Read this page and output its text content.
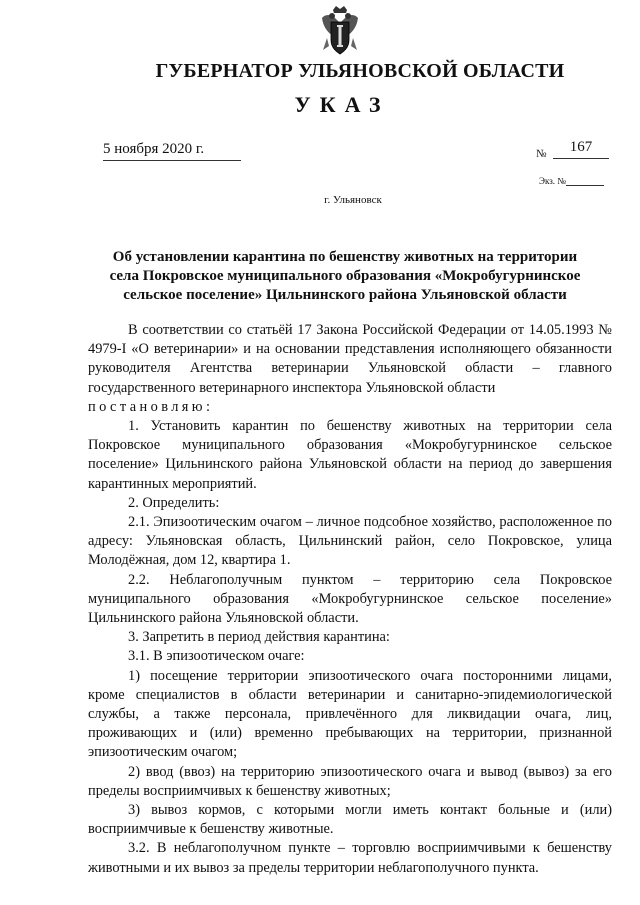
ГУБЕРНАТОР УЛЬЯНОВСКОЙ ОБЛАСТИ
УКАЗ
5 ноября 2020 г.	№	167
Экз. №
г. Ульяновск
Об установлении карантина по бешенству животных на территории
села Покровское муниципального образования «Мокробугурнинское
сельское поселение» Цильнинского района Ульяновской области

В соответствии со статьёй 17 Закона Российской Федерации от 14.05.1993 № 4979-I «О ветеринарии» и на основании представления исполняющего обязанности руководителя Агентства ветеринарии Ульяновской области – главного государственного ветеринарного инспектора Ульяновской области

постановляю:

1. Установить карантин по бешенству животных на территории села Покровское муниципального образования «Мокробугурнинское сельское поселение» Цильнинского района Ульяновской области на период до завершения карантинных мероприятий.

2. Определить:

2.1. Эпизоотическим очагом – личное подсобное хозяйство, расположенное по адресу: Ульяновская область, Цильнинский район, село Покровское, улица Молодёжная, дом 12, квартира 1.

2.2. Неблагополучным пунктом – территорию села Покровское муниципального образования «Мокробугурнинское сельское поселение» Цильнинского района Ульяновской области.

3. Запретить в период действия карантина:

3.1. В эпизоотическом очаге:

1) посещение территории эпизоотического очага посторонними лицами, кроме специалистов в области ветеринарии и санитарно-эпидемиологической службы, а также персонала, привлечённого для ликвидации очага, лиц, проживающих и (или) временно пребывающих на территории, признанной эпизоотическим очагом;

2) ввод (ввоз) на территорию эпизоотического очага и вывод (вывоз) за его пределы восприимчивых к бешенству животных;

3) вывоз кормов, с которыми могли иметь контакт больные и (или) восприимчивые к бешенству животные.

3.2. В неблагополучном пункте – торговлю восприимчивыми к бешенству животными и их вывоз за пределы территории неблагополучного пункта.
